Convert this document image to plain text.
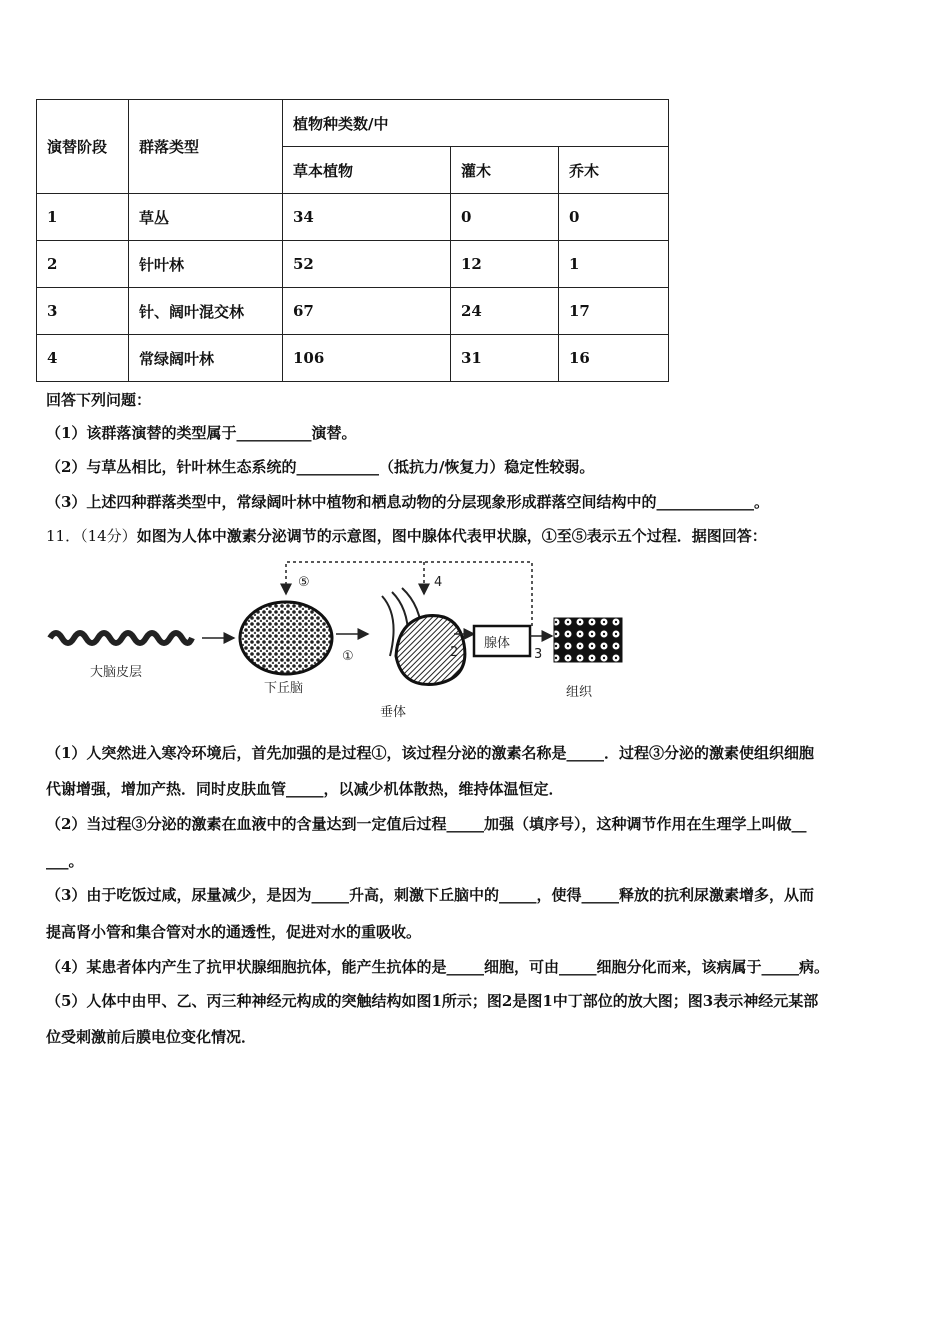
演替阶段	群落类型	植物种类数/中		
		草本植物	灌木	乔木
1	草丛	34	0	0
2	针叶林	52	12	1
3	针、阔叶混交林	67	24	17
4	常绿阔叶林	106	31	16
回答下列问题：
（1）该群落演替的类型属于__________演替。
（2）与草丛相比，针叶林生态系统的___________（抵抗力/恢复力）稳定性较弱。
（3）上述四种群落类型中，常绿阔叶林中植物和栖息动物的分层现象形成群落空间结构中的_____________。
11．（14分）如图为人体中激素分泌调节的示意图，图中腺体代表甲状腺，①至⑤表示五个过程．据图回答：
大脑皮层
下丘脑
①
垂体
2
腺体
3
组织
⑤	4
（1）人突然进入寒冷环境后，首先加强的是过程①，该过程分泌的激素名称是_____．过程③分泌的激素使组织细胞
代谢增强，增加产热．同时皮肤血管_____，以减少机体散热，维持体温恒定．
（2）当过程③分泌的激素在血液中的含量达到一定值后过程_____加强（填序号），这种调节作用在生理学上叫做__
___。
（3）由于吃饭过咸，尿量减少，是因为_____升高，刺激下丘脑中的_____，使得_____释放的抗利尿激素增多，从而
提高肾小管和集合管对水的通透性，促进对水的重吸收。
（4）某患者体内产生了抗甲状腺细胞抗体，能产生抗体的是_____细胞，可由_____细胞分化而来，该病属于_____病。
（5）人体中由甲、乙、丙三种神经元构成的突触结构如图1所示；图2是图1中丁部位的放大图；图3表示神经元某部
位受刺激前后膜电位变化情况．
